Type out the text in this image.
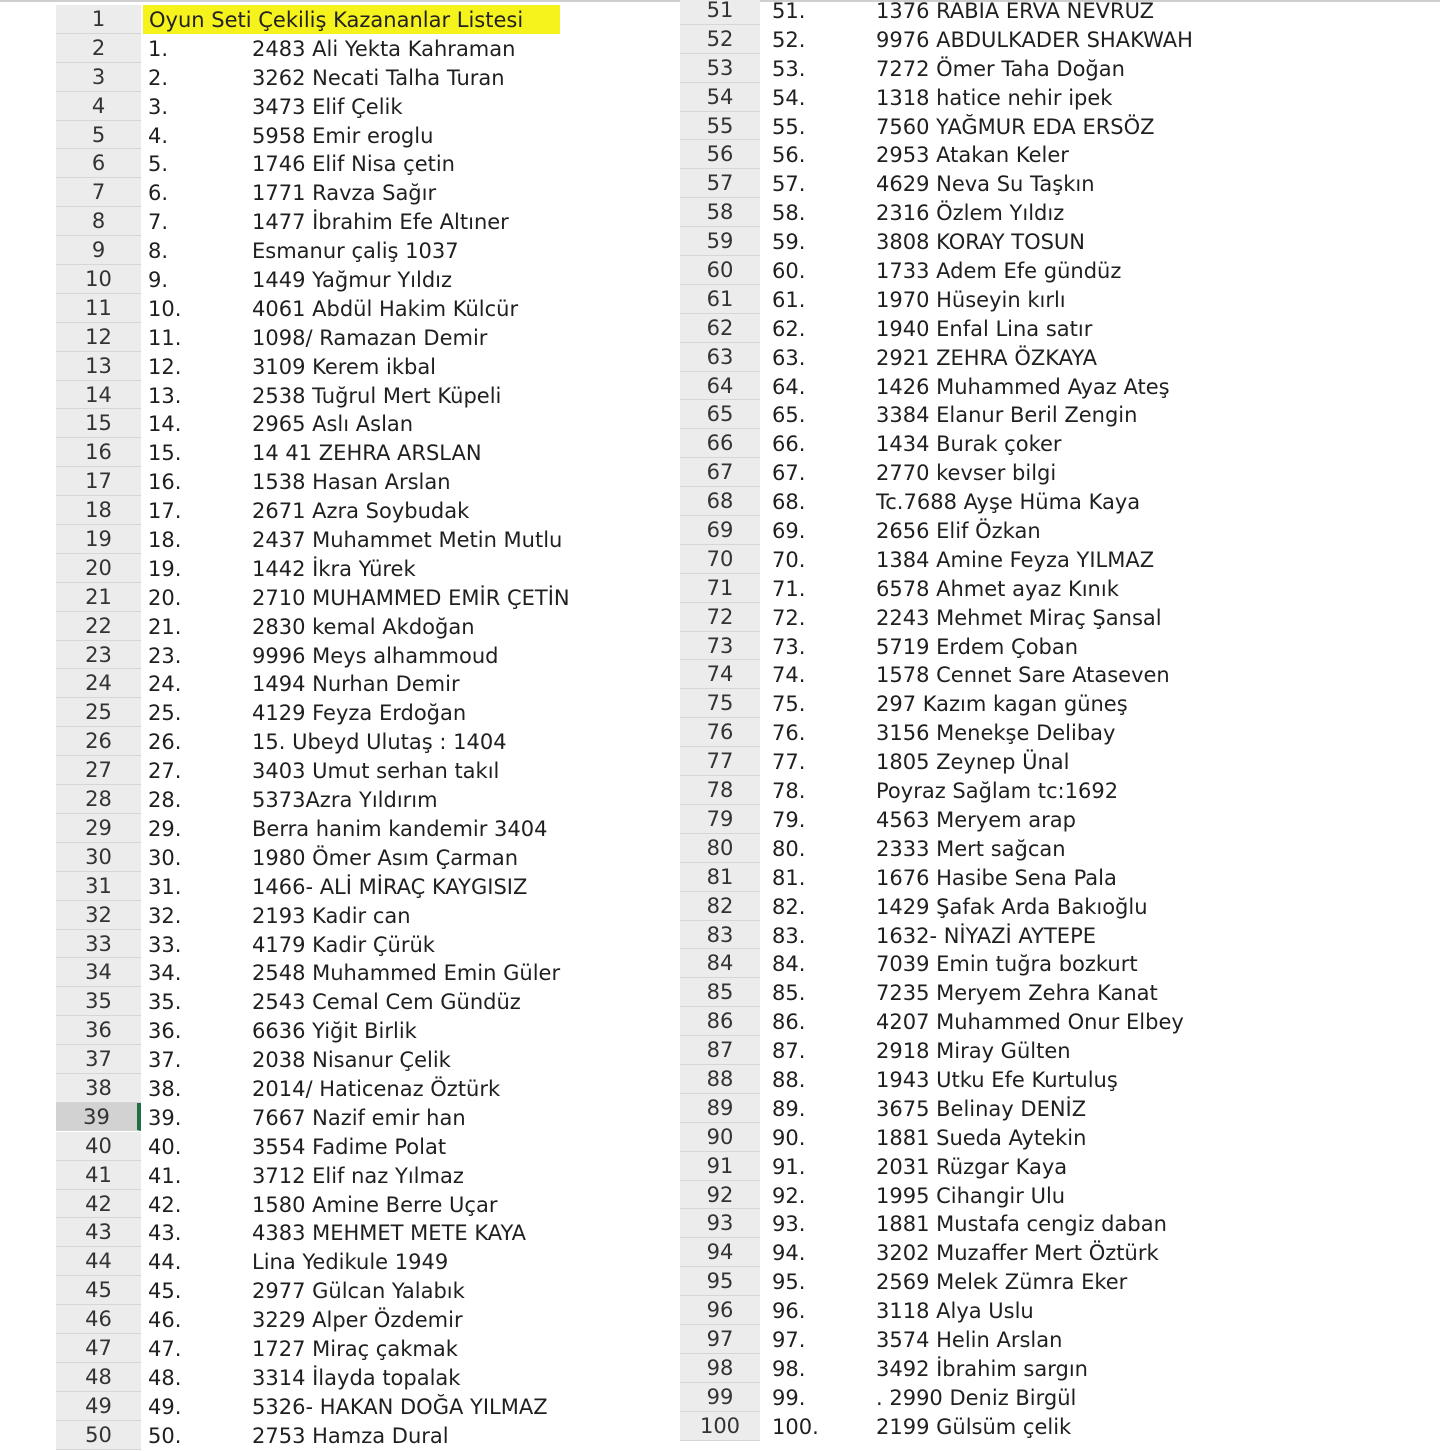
1	Oyun Seti Çekiliş Kazananlar Listesi
2	1.	2483 Ali Yekta Kahraman
3	2.	3262 Necati Talha Turan
4	3.	3473 Elif Çelik
5	4.	5958 Emir eroglu
6	5.	1746 Elif Nisa çetin
7	6.	1771 Ravza Sağır
8	7.	1477 İbrahim Efe Altıner
9	8.	Esmanur çaliş 1037
10	9.	1449 Yağmur Yıldız
11	10.	4061 Abdül Hakim Külcür
12	11.	1098/ Ramazan Demir
13	12.	3109 Kerem ikbal
14	13.	2538 Tuğrul Mert Küpeli
15	14.	2965 Aslı Aslan
16	15.	14 41 ZEHRA ARSLAN
17	16.	1538 Hasan Arslan
18	17.	2671 Azra Soybudak
19	18.	2437 Muhammet Metin Mutlu
20	19.	1442 İkra Yürek
21	20.	2710 MUHAMMED EMİR ÇETİN
22	21.	2830 kemal Akdoğan
23	23.	9996 Meys alhammoud
24	24.	1494 Nurhan Demir
25	25.	4129 Feyza Erdoğan
26	26.	15. Ubeyd Ulutaş : 1404
27	27.	3403 Umut serhan takıl
28	28.	5373Azra Yıldırım
29	29.	Berra hanim kandemir 3404
30	30.	1980 Ömer Asım Çarman
31	31.	1466- ALİ MİRAÇ KAYGISIZ
32	32.	2193 Kadir can
33	33.	4179 Kadir Çürük
34	34.	2548 Muhammed Emin Güler
35	35.	2543 Cemal Cem Gündüz
36	36.	6636 Yiğit Birlik
37	37.	2038 Nisanur Çelik
38	38.	2014/ Haticenaz Öztürk
39	39.	7667 Nazif emir han
40	40.	3554 Fadime Polat
41	41.	3712 Elif naz Yılmaz
42	42.	1580 Amine Berre Uçar
43	43.	4383 MEHMET METE KAYA
44	44.	Lina Yedikule 1949
45	45.	2977 Gülcan Yalabık
46	46.	3229 Alper Özdemir
47	47.	1727 Miraç çakmak
48	48.	3314 İlayda topalak
49	49.	5326- HAKAN DOĞA YILMAZ
50	50.	2753 Hamza Dural
51	51.	1376 RABIA ERVA NEVRUZ
52	52.	9976 ABDULKADER SHAKWAH
53	53.	7272 Ömer Taha Doğan
54	54.	1318 hatice nehir ipek
55	55.	7560 YAĞMUR EDA ERSÖZ
56	56.	2953 Atakan Keler
57	57.	4629 Neva Su Taşkın
58	58.	2316 Özlem Yıldız
59	59.	3808 KORAY TOSUN
60	60.	1733 Adem Efe gündüz
61	61.	1970 Hüseyin kırlı
62	62.	1940 Enfal Lina satır
63	63.	2921 ZEHRA ÖZKAYA
64	64.	1426 Muhammed Ayaz Ateş
65	65.	3384 Elanur Beril Zengin
66	66.	1434 Burak çoker
67	67.	2770 kevser bilgi
68	68.	Tc.7688 Ayşe Hüma Kaya
69	69.	2656 Elif Özkan
70	70.	1384 Amine Feyza YILMAZ
71	71.	6578 Ahmet ayaz Kınık
72	72.	2243 Mehmet Miraç Şansal
73	73.	5719 Erdem Çoban
74	74.	1578 Cennet Sare Ataseven
75	75.	297 Kazım kagan güneş
76	76.	3156 Menekşe Delibay
77	77.	1805 Zeynep Ünal
78	78.	Poyraz Sağlam tc:1692
79	79.	4563 Meryem arap
80	80.	2333 Mert sağcan
81	81.	1676 Hasibe Sena Pala
82	82.	1429 Şafak Arda Bakıoğlu
83	83.	1632- NİYAZİ AYTEPE
84	84.	7039 Emin tuğra bozkurt
85	85.	7235 Meryem Zehra Kanat
86	86.	4207 Muhammed Onur Elbey
87	87.	2918 Miray Gülten
88	88.	1943 Utku Efe Kurtuluş
89	89.	3675 Belinay DENİZ
90	90.	1881 Sueda Aytekin
91	91.	2031 Rüzgar Kaya
92	92.	1995 Cihangir Ulu
93	93.	1881 Mustafa cengiz daban
94	94.	3202 Muzaffer Mert Öztürk
95	95.	2569 Melek Zümra Eker
96	96.	3118 Alya Uslu
97	97.	3574 Helin Arslan
98	98.	3492 İbrahim sargın
99	99.	. 2990 Deniz Birgül
100	100.	2199 Gülsüm çelik
